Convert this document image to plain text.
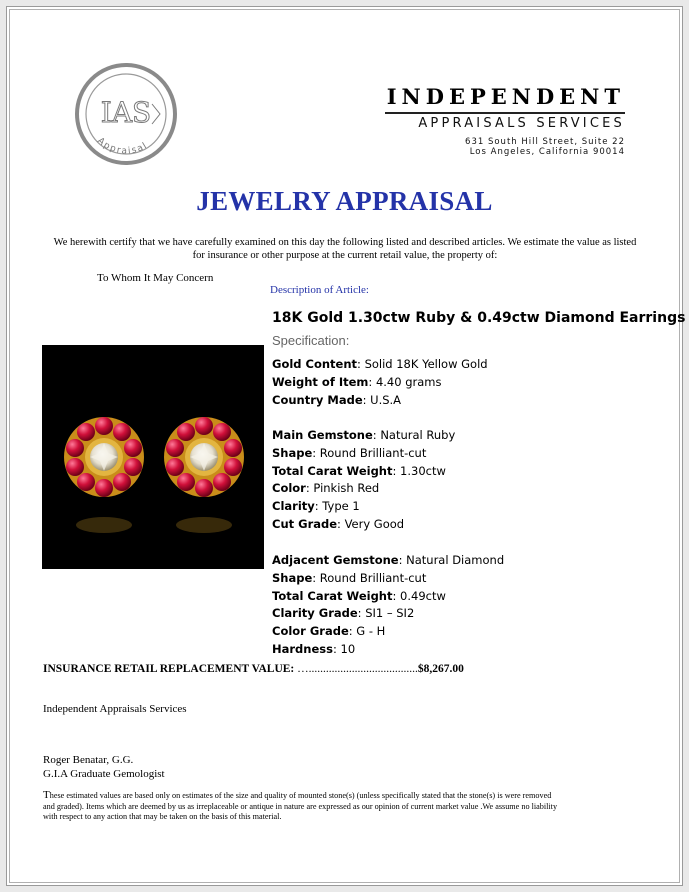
IAS
Appraisal
INDEPENDENT
APPRAISALS SERVICES
631 South Hill Street, Suite 22
Los Angeles, California 90014
JEWELRY APPRAISAL
We herewith certify that we have carefully examined on this day the following listed and described articles. We estimate the value as listed for insurance or other purpose at the current retail value, the property of:
To Whom It May Concern
Description of Article:
18K Gold 1.30ctw Ruby & 0.49ctw Diamond Earrings
Specification:
Gold Content: Solid 18K Yellow Gold
Weight of Item: 4.40 grams
Country Made: U.S.A
Main Gemstone: Natural Ruby
Shape: Round Brilliant-cut
Total Carat Weight: 1.30ctw
Color: Pinkish Red
Clarity: Type 1
Cut Grade: Very Good
Adjacent Gemstone: Natural Diamond
Shape: Round Brilliant-cut
Total Carat Weight: 0.49ctw
Clarity Grade: SI1 – SI2
Color Grade: G - H
Hardness: 10
INSURANCE RETAIL REPLACEMENT VALUE: …......................................$8,267.00
Independent Appraisals Services
Roger Benatar, G.G.
G.I.A Graduate Gemologist
These estimated values are based only on estimates of the size and quality of mounted stone(s) (unless specifically stated that the stone(s) is were removed and graded). Items which are deemed by us as irreplaceable or antique in nature are expressed as our opinion of current market value .We assume no liability with respect to any action that may be taken on the basis of this material.
